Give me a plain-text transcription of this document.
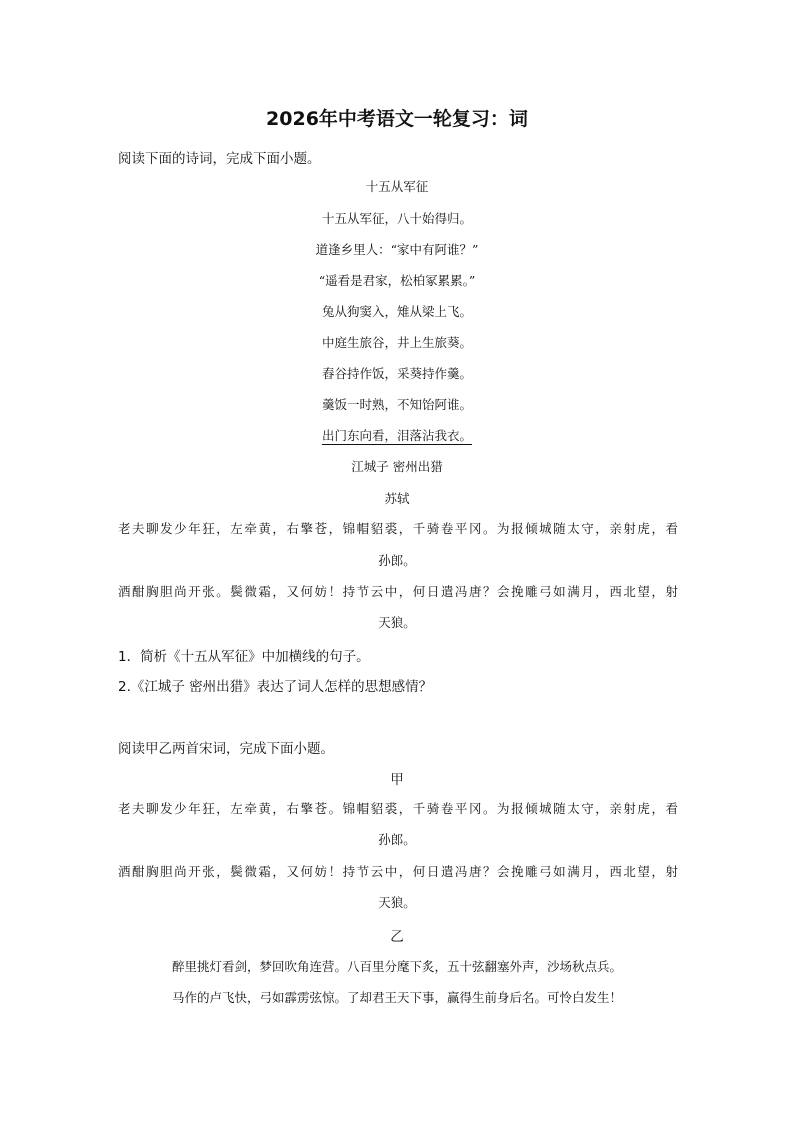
2026年中考语文一轮复习：词
阅读下面的诗词，完成下面小题。
十五从军征
十五从军征，八十始得归。
道逢乡里人：“家中有阿谁？”
“遥看是君家，松柏冢累累。”
兔从狗窦入，雉从梁上飞。
中庭生旅谷，井上生旅葵。
舂谷持作饭，采葵持作羹。
羹饭一时熟，不知饴阿谁。
出门东向看，泪落沾我衣。
江城子 密州出猎
苏轼
老夫聊发少年狂，左牵黄，右擎苍，锦帽貂裘，千骑卷平冈。为报倾城随太守，亲射虎，看
孙郎。
酒酣胸胆尚开张。鬓微霜，又何妨！持节云中，何日遣冯唐？会挽雕弓如满月，西北望，射
天狼。
1．简析《十五从军征》中加横线的句子。
2.《江城子 密州出猎》表达了词人怎样的思想感情？
阅读甲乙两首宋词，完成下面小题。
甲
老夫聊发少年狂，左牵黄，右擎苍。锦帽貂裘，千骑卷平冈。为报倾城随太守，亲射虎，看
孙郎。
酒酣胸胆尚开张，鬓微霜，又何妨！持节云中，何日遣冯唐？会挽雕弓如满月，西北望，射
天狼。
乙
醉里挑灯看剑，梦回吹角连营。八百里分麾下炙，五十弦翻塞外声，沙场秋点兵。
马作的卢飞快，弓如霹雳弦惊。了却君王天下事，赢得生前身后名。可怜白发生！
